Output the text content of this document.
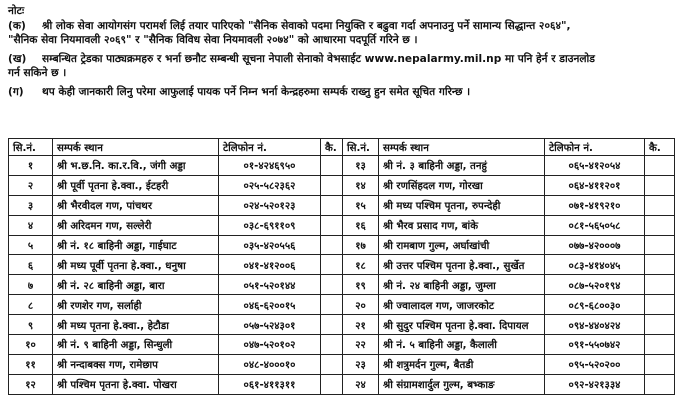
नोटः
(क)	श्री लोक सेवा आयोगसंग परामर्श लिई तयार पारिएको "सैनिक सेवाको पदमा नियुक्ति र बढुवा गर्दा अपनाउनु पर्ने सामान्य सिद्धान्त २०६४",
"सैनिक सेवा नियमावली २०६९" र "सैनिक विविध सेवा नियमावली २०७४" को आधारमा पदपूर्ति गरिने छ ।
(ख)	सम्बन्धित ट्रेडका पाठ्यक्रमहरु र भर्ना छनौट सम्बन्धी सूचना नेपाली सेनाको वेभसाईट www.nepalarmy.mil.np मा पनि हेर्न र डाउनलोड
गर्न सकिने छ ।
(ग)	थप केही जानकारी लिनु परेमा आफुलाई पायक पर्ने निम्न भर्ना केन्द्रहरुमा सम्पर्क राख्नु हुन समेत सूचित गरिन्छ ।
सि.नं.	सम्पर्क स्थान	टेलिफोन नं.	कै.	सि.नं.	सम्पर्क स्थान	टेलिफोन नं.	कै.
१	श्री भ.छ.नि. का.र.वि., जंगी अड्डा	०१-४२४६९५०		१३	श्री नं. ३ बाहिनी अड्डा, तनहुं	०६५-४१२०५४	
२	श्री पूर्वी पृतना हे.क्वा., ईटहरी	०२५-५८२३६२		१४	श्री रणसिंहदल गण, गोरखा	०६४-४११२०१	
३	श्री भैरवीदल गण, पांचथर	०२४-५२०१२३		१५	श्री मध्य पश्चिम पृतना, रुपन्देही	०७१-४१९२१०	
४	श्री अरिदमन गण, सल्लेरी	०३८-६९११०९		१६	श्री भैरव प्रसाद गण, बांके	०८१-५६५०५८	
५	श्री नं. १८ बाहिनी अड्डा, गाईघाट	०३५-४२०५५६		१७	श्री रामबाण गुल्म, अर्घाखांची	०७७-४२०००७	
६	श्री मध्य पूर्वी पृतना हे.क्वा., धनुषा	०४१-४१२००६		१८	श्री उत्तर पश्चिम पृतना हे.क्वा., सुर्खेत	०८३-४१४०४५	
७	श्री नं. २८ बाहिनी अड्डा, बारा	०५१-५२०१४४		१९	श्री नं. २४ बाहिनी अड्डा, जुम्ला	०८७-५२०१९४	
८	श्री रणशेर गण, सर्लाही	०४६-६२००१५		२०	श्री ज्वालादल गण, जाजरकोट	०८९-६८००३०	
९	श्री मध्य पृतना हे.क्वा., हेटौडा	०५७-५२४३०१		२१	श्री सुदुर पश्चिम पृतना हे.क्वा. दिपायल	०९४-४४०४२४	
१०	श्री नं. ९ बाहिनी अड्डा, सिन्धुली	०४७-५२०१०२		२२	श्री नं. ५ बाहिनी अड्डा, कैलाली	०९१-५५०७४२	
११	श्री नन्दाबक्स गण, रामेछाप	०४८-४०००१०		२३	श्री शत्रुमर्दन गुल्म, बैतडी	०९५-५२०२००	
१२	श्री पश्चिम पृतना हे.क्वा. पोखरा	०६१-४११३११		२४	श्री संग्रामशार्दुल गुल्म, बभ्काङ	०९२-४२१३३४	
